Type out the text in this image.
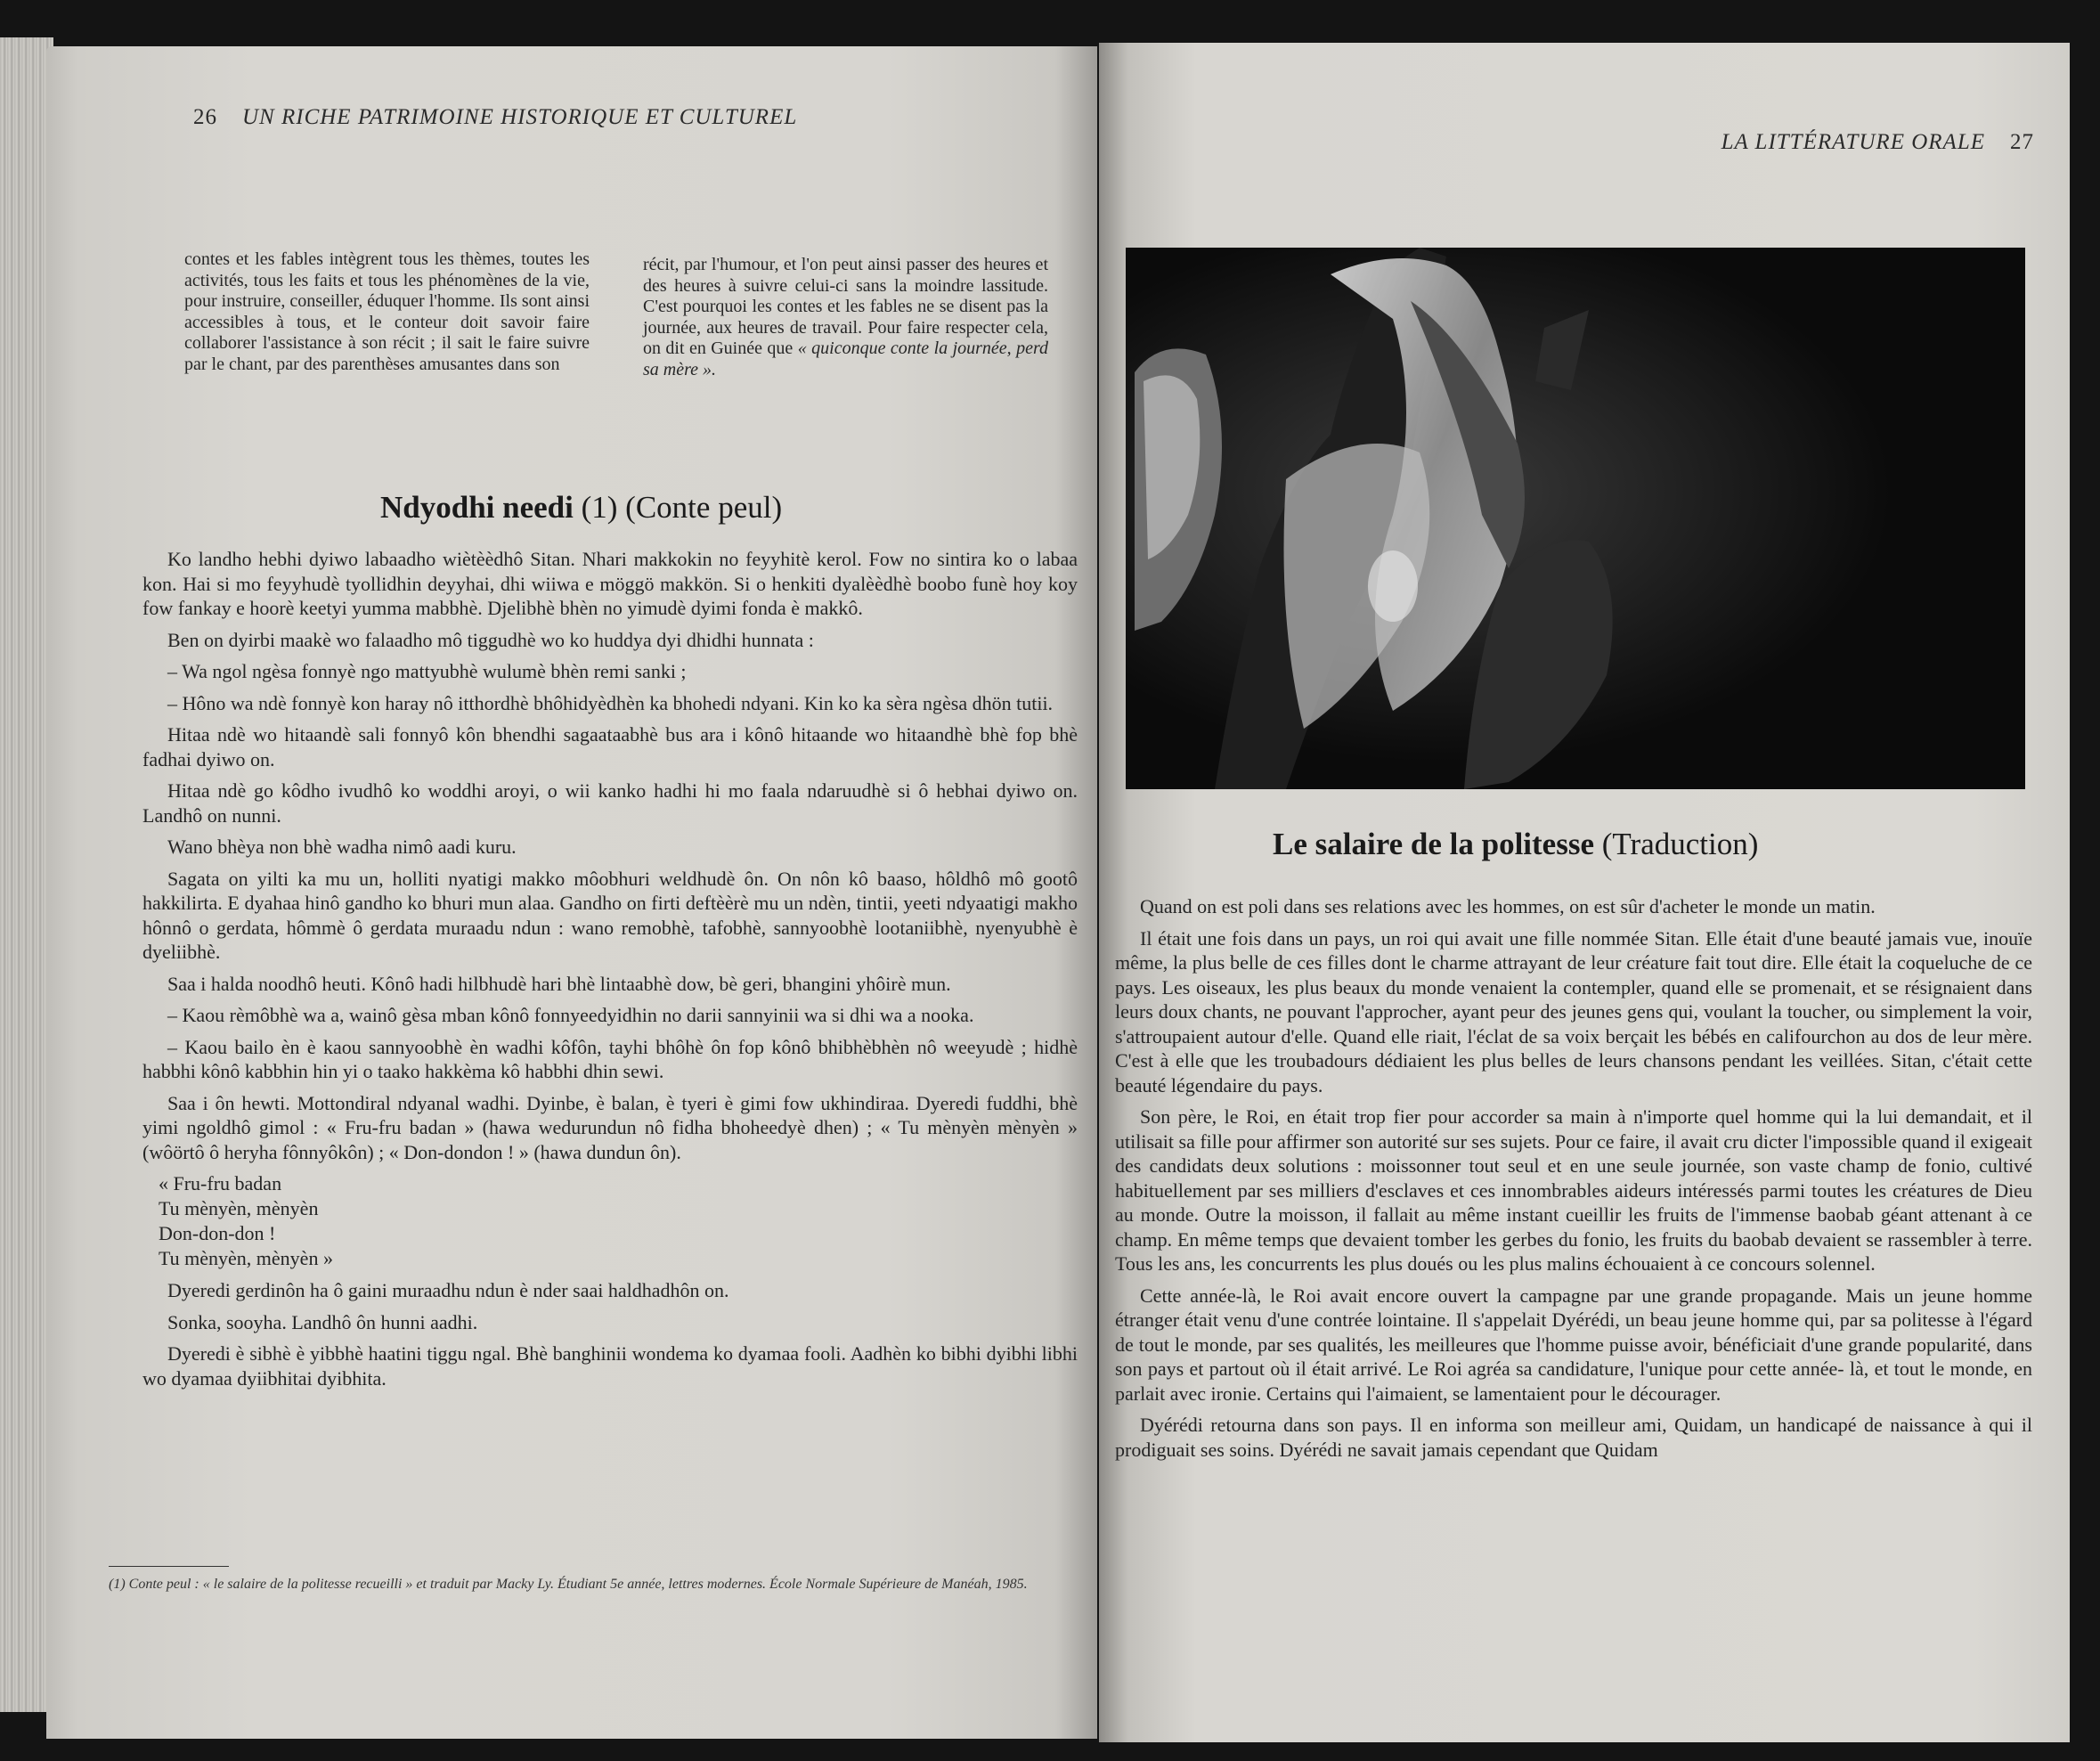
26 UN RICHE PATRIMOINE HISTORIQUE ET CULTUREL

contes et les fables intègrent tous les thèmes, toutes les activités, tous les faits et tous les phénomènes de la vie, pour instruire, conseiller, éduquer l'homme. Ils sont ainsi accessibles à tous, et le conteur doit savoir faire collaborer l'assistance à son récit ; il sait le faire suivre par le chant, par des parenthèses amusantes dans son

récit, par l'humour, et l'on peut ainsi passer des heures et des heures à suivre celui-ci sans la moindre lassitude. C'est pourquoi les contes et les fables ne se disent pas la journée, aux heures de travail. Pour faire respecter cela, on dit en Guinée que « quiconque conte la journée, perd sa mère ».

Ndyodhi needi (1) (Conte peul)

Ko landho hebhi dyiwo labaadho wiètèèdhô Sitan. Nhari makkokin no feyyhitè kerol. Fow no sintira ko o labaa kon. Hai si mo feyyhudè tyollidhin deyyhai, dhi wiiwa e möggö makkön. Si o henkiti dyalèèdhè boobo funè hoy koy fow fankay e hoorè keetyi yumma mabbhè. Djelibhè bhèn no yimudè dyimi fonda è makkô.

Ben on dyirbi maakè wo falaadho mô tiggudhè wo ko huddya dyi dhidhi hunnata :

– Wa ngol ngèsa fonnyè ngo mattyubhè wulumè bhèn remi sanki ;

– Hôno wa ndè fonnyè kon haray nô itthordhè bhôhidyèdhèn ka bhohedi ndyani. Kin ko ka sèra ngèsa dhön tutii.

Hitaa ndè wo hitaandè sali fonnyô kôn bhendhi sagaataabhè bus ara i kônô hitaande wo hitaandhè bhè fop bhè fadhai dyiwo on.

Hitaa ndè go kôdho ivudhô ko woddhi aroyi, o wii kanko hadhi hi mo faala ndaruudhè si ô hebhai dyiwo on. Landhô on nunni.

Wano bhèya non bhè wadha nimô aadi kuru.

Sagata on yilti ka mu un, holliti nyatigi makko môobhuri weldhudè ôn. On nôn kô baaso, hôldhô mô gootô hakkilirta. E dyahaa hinô gandho ko bhuri mun alaa. Gandho on firti deftèèrè mu un ndèn, tintii, yeeti ndyaatigi makho hônnô o gerdata, hômmè ô gerdata muraadu ndun : wano remobhè, tafobhè, sannyoobhè lootaniibhè, nyenyubhè è dyeliibhè.

Saa i halda noodhô heuti. Kônô hadi hilbhudè hari bhè lintaabhè dow, bè geri, bhangini yhôirè mun.

– Kaou rèmôbhè wa a, wainô gèsa mban kônô fonnyeedyidhin no darii sannyinii wa si dhi wa a nooka.

– Kaou bailo èn è kaou sannyoobhè èn wadhi kôfôn, tayhi bhôhè ôn fop kônô bhibhèbhèn nô weeyudè ; hidhè habbhi kônô kabbhin hin yi o taako hakkèma kô habbhi dhin sewi.

Saa i ôn hewti. Mottondiral ndyanal wadhi. Dyinbe, è balan, è tyeri è gimi fow ukhindiraa. Dyeredi fuddhi, bhè yimi ngoldhô gimol : « Fru-fru badan » (hawa wedurundun nô fidha bhoheedyè dhen) ; « Tu mènyèn mènyèn » (wôörtô ô heryha fônnyôkôn) ; « Don-dondon ! » (hawa dundun ôn).

« Fru-fru badan
Tu mènyèn, mènyèn
Don-don-don !
Tu mènyèn, mènyèn »

Dyeredi gerdinôn ha ô gaini muraadhu ndun è nder saai haldhadhôn on.

Sonka, sooyha. Landhô ôn hunni aadhi.

Dyeredi è sibhè è yibbhè haatini tiggu ngal. Bhè banghinii wondema ko dyamaa fooli. Aadhèn ko bibhi dyibhi libhi wo dyamaa dyiibhitai dyibhita.

(1) Conte peul : « le salaire de la politesse recueilli » et traduit par Macky Ly. Étudiant 5e année, lettres modernes. École Normale Supérieure de Manéah, 1985.
LA LITTÉRATURE ORALE 27
Le salaire de la politesse (Traduction)

Quand on est poli dans ses relations avec les hommes, on est sûr d'acheter le monde un matin.

Il était une fois dans un pays, un roi qui avait une fille nommée Sitan. Elle était d'une beauté jamais vue, inouïe même, la plus belle de ces filles dont le charme attrayant de leur créature fait tout dire. Elle était la coqueluche de ce pays. Les oiseaux, les plus beaux du monde venaient la contempler, quand elle se promenait, et se résignaient dans leurs doux chants, ne pouvant l'approcher, ayant peur des jeunes gens qui, voulant la toucher, ou simplement la voir, s'attroupaient autour d'elle. Quand elle riait, l'éclat de sa voix berçait les bébés en califourchon au dos de leur mère. C'est à elle que les troubadours dédiaient les plus belles de leurs chansons pendant les veillées. Sitan, c'était cette beauté légendaire du pays.

Son père, le Roi, en était trop fier pour accorder sa main à n'importe quel homme qui la lui demandait, et il utilisait sa fille pour affirmer son autorité sur ses sujets. Pour ce faire, il avait cru dicter l'impossible quand il exigeait des candidats deux solutions : moissonner tout seul et en une seule journée, son vaste champ de fonio, cultivé habituellement par ses milliers d'esclaves et ces innombrables aideurs intéressés parmi toutes les créatures de Dieu au monde. Outre la moisson, il fallait au même instant cueillir les fruits de l'immense baobab géant attenant à ce champ. En même temps que devaient tomber les gerbes du fonio, les fruits du baobab devaient se rassembler à terre. Tous les ans, les concurrents les plus doués ou les plus malins échouaient à ce concours solennel.

Cette année-là, le Roi avait encore ouvert la campagne par une grande propagande. Mais un jeune homme étranger était venu d'une contrée lointaine. Il s'appelait Dyérédi, un beau jeune homme qui, par sa politesse à l'égard de tout le monde, par ses qualités, les meilleures que l'homme puisse avoir, bénéficiait d'une grande popularité, dans son pays et partout où il était arrivé. Le Roi agréa sa candidature, l'unique pour cette année- là, et tout le monde, en parlait avec ironie. Certains qui l'aimaient, se lamentaient pour le décourager.

Dyérédi retourna dans son pays. Il en informa son meilleur ami, Quidam, un handicapé de naissance à qui il prodiguait ses soins. Dyérédi ne savait jamais cependant que Quidam
